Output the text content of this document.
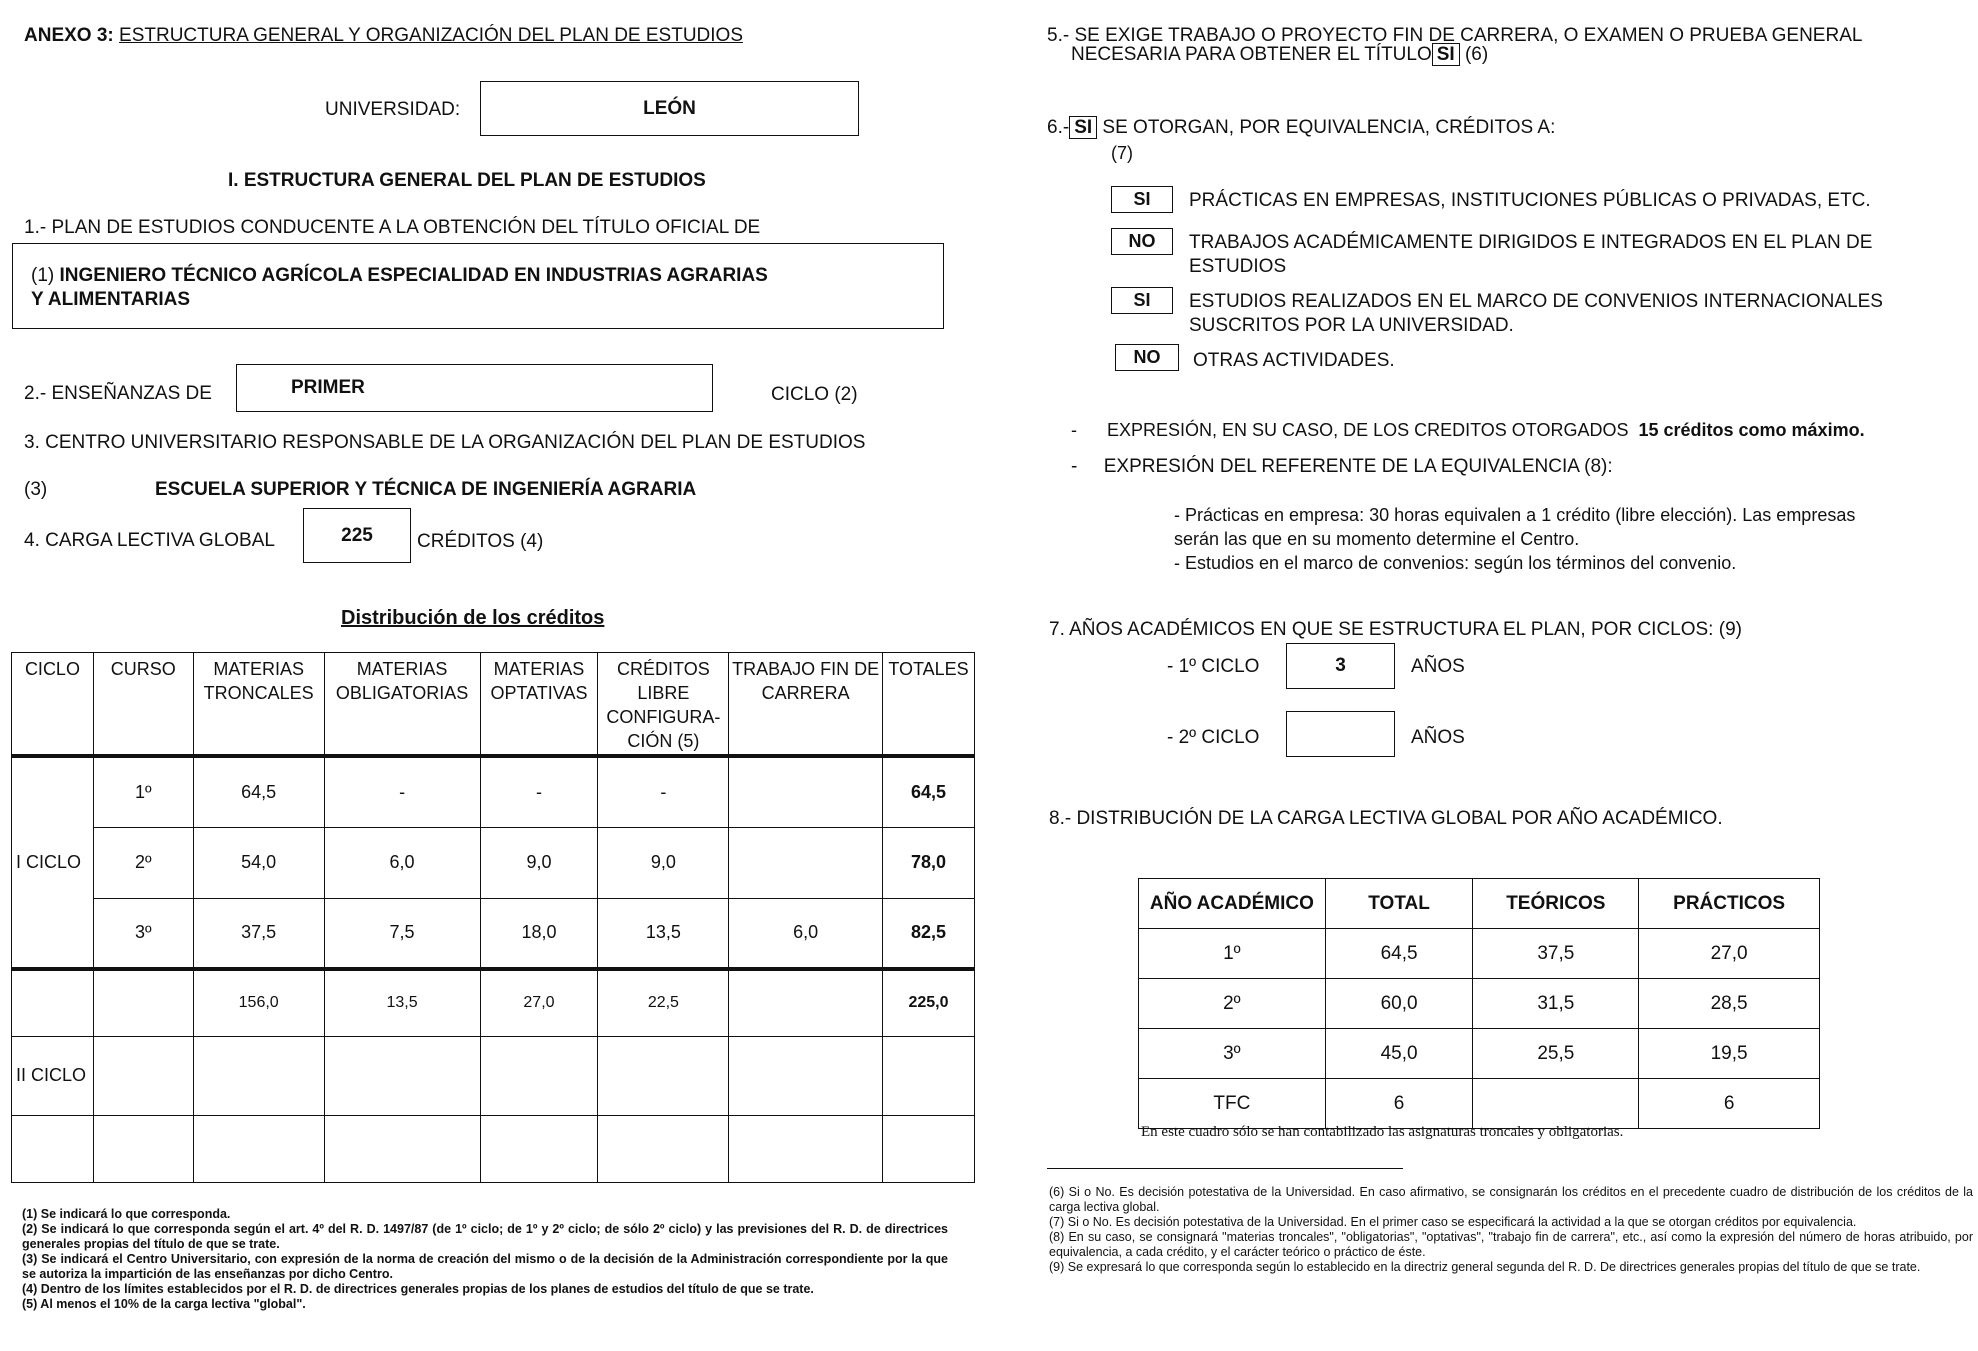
ANEXO 3: ESTRUCTURA GENERAL Y ORGANIZACIÓN DEL PLAN DE ESTUDIOS
UNIVERSIDAD:	LEÓN
I. ESTRUCTURA GENERAL DEL PLAN DE ESTUDIOS
1.- PLAN DE ESTUDIOS CONDUCENTE A LA OBTENCIÓN DEL TÍTULO OFICIAL DE
(1) INGENIERO TÉCNICO AGRÍCOLA ESPECIALIDAD EN INDUSTRIAS AGRARIAS
Y ALIMENTARIAS
2.- ENSEÑANZAS DE	PRIMER	CICLO (2)
3. CENTRO UNIVERSITARIO RESPONSABLE DE LA ORGANIZACIÓN DEL PLAN DE ESTUDIOS
(3)	ESCUELA SUPERIOR Y TÉCNICA DE INGENIERÍA AGRARIA
4. CARGA LECTIVA GLOBAL	225 CRÉDITOS (4)
Distribución de los créditos
CICLO	CURSO	MATERIAS TRONCALES	MATERIAS OBLIGATORIAS	MATERIAS OPTATIVAS	CRÉDITOS LIBRE CONFIGURA-CIÓN (5)	TRABAJO FIN DE CARRERA	TOTALES
I CICLO	1º	64,5	-	-	-		64,5
	2º	54,0	6,0	9,0	9,0		78,0
	3º	37,5	7,5	18,0	13,5	6,0	82,5
		156,0	13,5	27,0	22,5		225,0
II CICLO							

(1) Se indicará lo que corresponda.
(2) Se indicará lo que corresponda según el art. 4º del R. D. 1497/87 (de 1º ciclo; de 1º y 2º ciclo; de sólo 2º ciclo) y las previsiones del R. D. de directrices generales propias del título de que se trate.
(3) Se indicará el Centro Universitario, con expresión de la norma de creación del mismo o de la decisión de la Administración correspondiente por la que se autoriza la impartición de las enseñanzas por dicho Centro.
(4) Dentro de los límites establecidos por el R. D. de directrices generales propias de los planes de estudios del título de que se trate.
(5) Al menos el 10% de la carga lectiva "global".
5.- SE EXIGE TRABAJO O PROYECTO FIN DE CARRERA, O EXAMEN O PRUEBA GENERAL
NECESARIA PARA OBTENER EL TÍTULO SI (6)
6.- SI SE OTORGAN, POR EQUIVALENCIA, CRÉDITOS A:
(7)
SI	PRÁCTICAS EN EMPRESAS, INSTITUCIONES PÚBLICAS O PRIVADAS, ETC.
NO	TRABAJOS ACADÉMICAMENTE DIRIGIDOS E INTEGRADOS EN EL PLAN DE ESTUDIOS
SI	ESTUDIOS REALIZADOS EN EL MARCO DE CONVENIOS INTERNACIONALES SUSCRITOS POR LA UNIVERSIDAD.
NO	OTRAS ACTIVIDADES.
-      EXPRESIÓN, EN SU CASO, DE LOS CREDITOS OTORGADOS 15 créditos como máximo.
-     EXPRESIÓN DEL REFERENTE DE LA EQUIVALENCIA (8):
- Prácticas en empresa: 30 horas equivalen a 1 crédito (libre elección). Las empresas
serán las que en su momento determine el Centro.
- Estudios en el marco de convenios: según los términos del convenio.
7. AÑOS ACADÉMICOS EN QUE SE ESTRUCTURA EL PLAN, POR CICLOS: (9)
- 1º CICLO	3	AÑOS
- 2º CICLO	AÑOS
8.- DISTRIBUCIÓN DE LA CARGA LECTIVA GLOBAL POR AÑO ACADÉMICO.
AÑO ACADÉMICO	TOTAL	TEÓRICOS	PRÁCTICOS
1º	64,5	37,5	27,0
2º	60,0	31,5	28,5
3º	45,0	25,5	19,5
TFC	6		6
En este cuadro sólo se han contabilizado las asignaturas troncales y obligatorias.
(6) Si o No. Es decisión potestativa de la Universidad. En caso afirmativo, se consignarán los créditos en el precedente cuadro de distribución de los créditos de la carga lectiva global.
(7) Si o No. Es decisión potestativa de la Universidad. En el primer caso se especificará la actividad a la que se otorgan créditos por equivalencia.
(8) En su caso, se consignará "materias troncales", "obligatorias", "optativas", "trabajo fin de carrera", etc., así como la expresión del número de horas atribuido, por equivalencia, a cada crédito, y el carácter teórico o práctico de éste.
(9) Se expresará lo que corresponda según lo establecido en la directriz general segunda del R. D. De directrices generales propias del título de que se trate.
